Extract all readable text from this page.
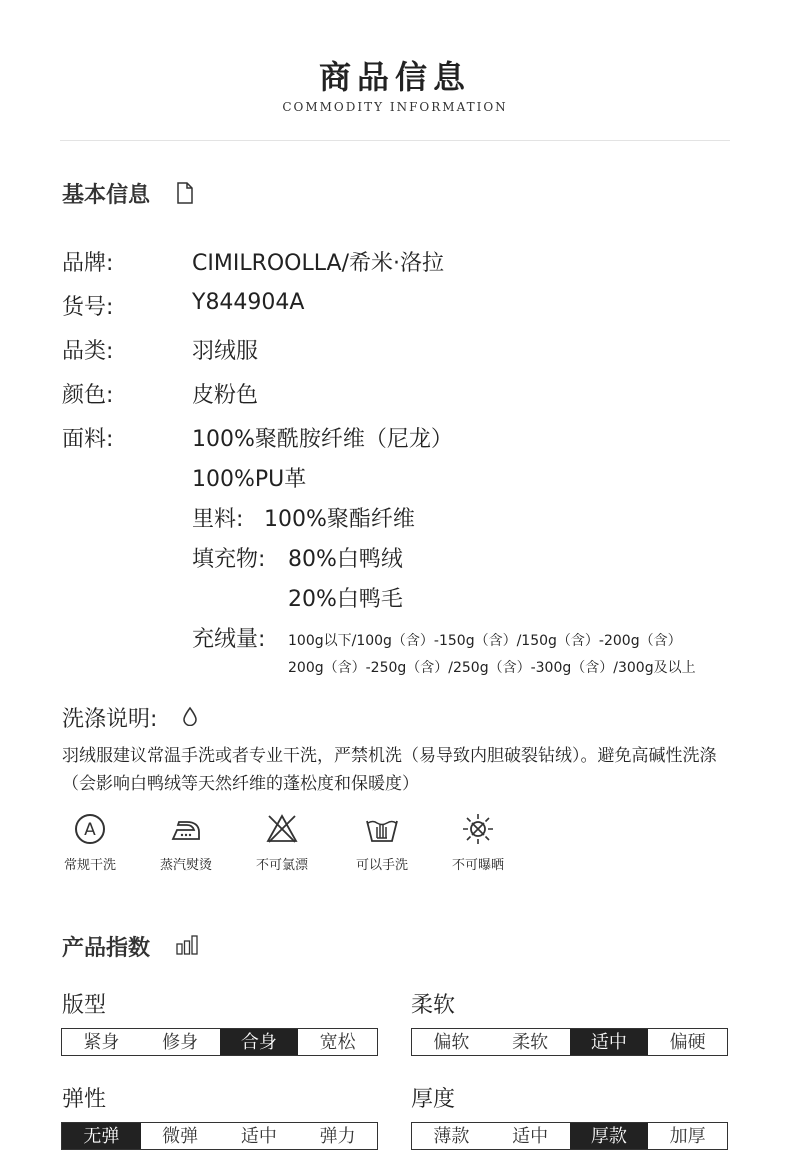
商品信息
COMMODITY INFORMATION
基本信息
品牌:	CIMILROOLLA/希米·洛拉
货号:	Y844904A
品类:	羽绒服
颜色:	皮粉色
面料:	100%聚酰胺纤维（尼龙）
100%PU革
里料: 100%聚酯纤维
填充物: 80%白鸭绒
20%白鸭毛
充绒量: 100g以下/100g（含）-150g（含）/150g（含）-200g（含）
200g（含）-250g（含）/250g（含）-300g（含）/300g及以上
洗涤说明:
羽绒服建议常温手洗或者专业干洗，严禁机洗（易导致内胆破裂钻绒）。避免高碱性洗涤（会影响白鸭绒等天然纤维的蓬松度和保暖度）
A
常规干洗	蒸汽熨烫	不可氯漂	可以手洗	不可曝晒
产品指数
版型
紧身	修身	合身	宽松
柔软
偏软	柔软	适中	偏硬
弹性
无弹	微弹	适中	弹力
厚度
薄款	适中	厚款	加厚
